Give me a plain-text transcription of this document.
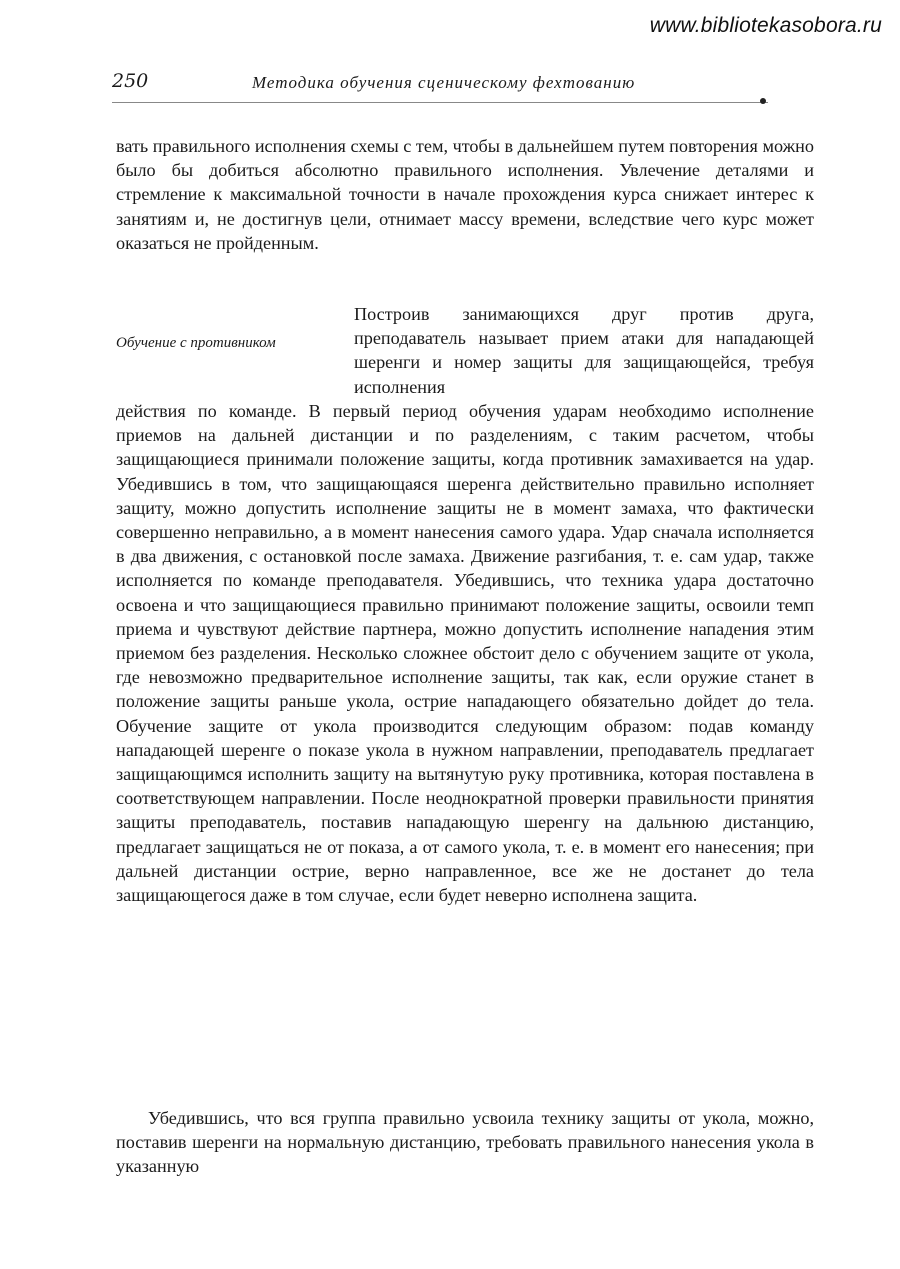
www.bibliotekasobora.ru
250	Методика обучения сценическому фехтованию

вать правильного исполнения схемы с тем, чтобы в дальнейшем путем повторения можно было бы добиться абсолютно правильного исполнения. Увлечение деталями и стремление к максимальной точности в начале прохождения курса снижает интерес к занятиям и, не достигнув цели, отнимает массу времени, вследствие чего курс может оказаться не пройденным.

Обучение с противником
Построив занимающихся друг против друга, преподаватель называет прием атаки для нападающей шеренги и номер защиты для защищающейся, требуя исполнения

действия по команде. В первый период обучения ударам необходимо исполнение приемов на дальней дистанции и по разделениям, с таким расчетом, чтобы защищающиеся принимали положение защиты, когда противник замахивается на удар. Убедившись в том, что защищающаяся шеренга действительно правильно исполняет защиту, можно допустить исполнение защиты не в момент замаха, что фактически совершенно неправильно, а в момент нанесения самого удара. Удар сначала исполняется в два движения, с остановкой после замаха. Движение разгибания, т. е. сам удар, также исполняется по команде преподавателя. Убедившись, что техника удара достаточно освоена и что защищающиеся правильно принимают положение защиты, освоили темп приема и чувствуют действие партнера, можно допустить исполнение нападения этим приемом без разделения. Несколько сложнее обстоит дело с обучением защите от укола, где невозможно предварительное исполнение защиты, так как, если оружие станет в положение защиты раньше укола, острие нападающего обязательно дойдет до тела. Обучение защите от укола производится следующим образом: подав команду нападающей шеренге о показе укола в нужном направлении, преподаватель предлагает защищающимся исполнить защиту на вытянутую руку противника, которая поставлена в соответствующем направлении. После неоднократной проверки правильности принятия защиты преподаватель, поставив нападающую шеренгу на дальнюю дистанцию, предлагает защищаться не от показа, а от самого укола, т. е. в момент его нанесения; при дальней дистанции острие, верно направленное, все же не достанет до тела защищающегося даже в том случае, если будет неверно исполнена защита.

Убедившись, что вся группа правильно усвоила технику защиты от укола, можно, поставив шеренги на нормальную дистанцию, требовать правильного нанесения укола в указанную
